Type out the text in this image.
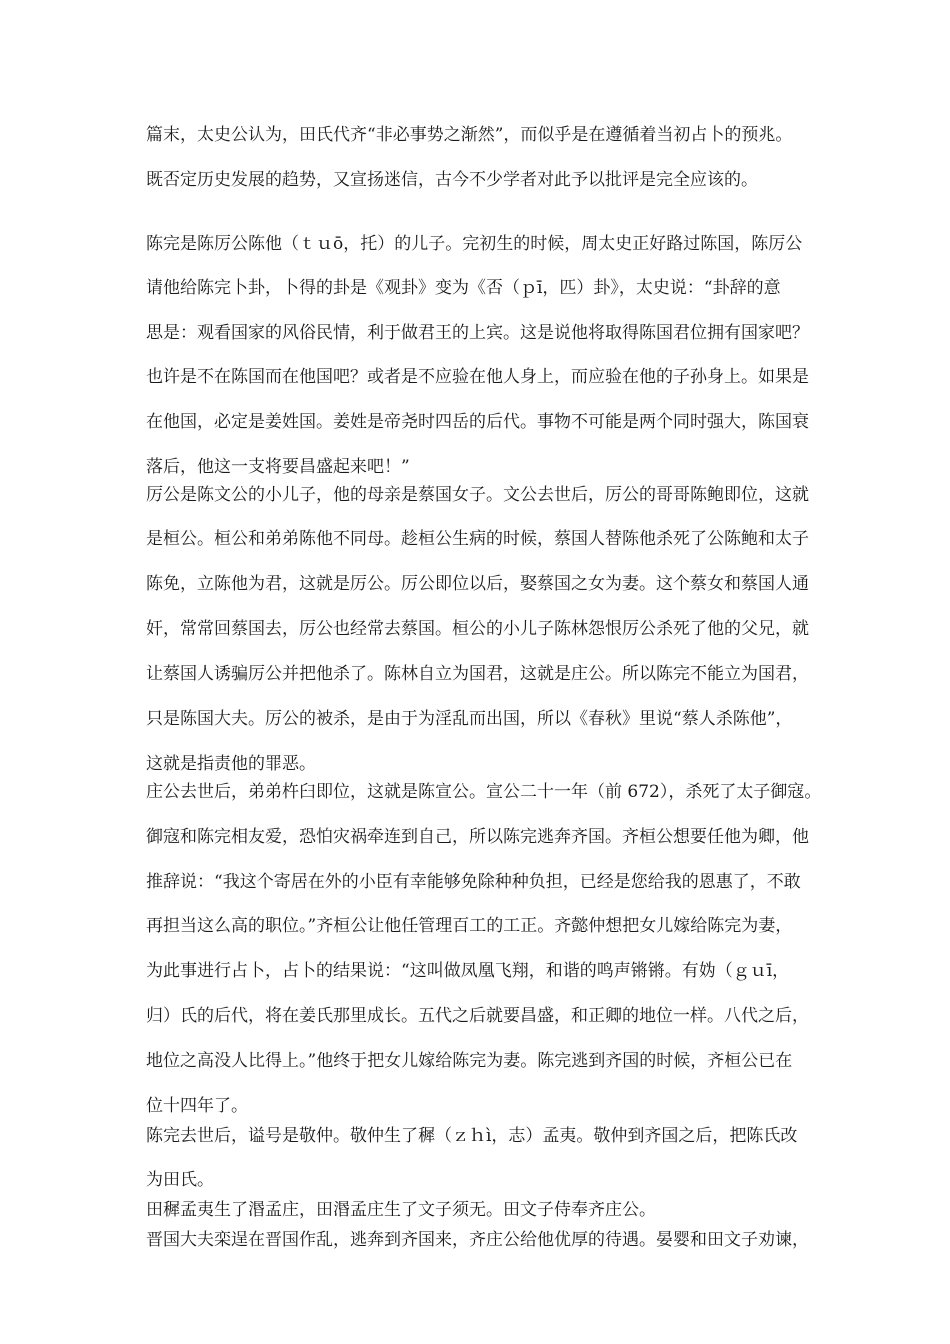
篇末，太史公认为，田氏代齐“非必事势之渐然”，而似乎是在遵循着当初占卜的预兆。
既否定历史发展的趋势，又宣扬迷信，古今不少学者对此予以批评是完全应该的。
陈完是陈厉公陈他（ｔｕō，托）的儿子。完初生的时候，周太史正好路过陈国，陈厉公
请他给陈完卜卦，卜得的卦是《观卦》变为《否（ｐī，匹）卦》，太史说：“卦辞的意
思是：观看国家的风俗民情，利于做君王的上宾。这是说他将取得陈国君位拥有国家吧？
也许是不在陈国而在他国吧？或者是不应验在他人身上，而应验在他的子孙身上。如果是
在他国，必定是姜姓国。姜姓是帝尧时四岳的后代。事物不可能是两个同时强大，陈国衰
落后，他这一支将要昌盛起来吧！”
厉公是陈文公的小儿子，他的母亲是蔡国女子。文公去世后，厉公的哥哥陈鲍即位，这就
是桓公。桓公和弟弟陈他不同母。趁桓公生病的时候，蔡国人替陈他杀死了公陈鲍和太子
陈免，立陈他为君，这就是厉公。厉公即位以后，娶蔡国之女为妻。这个蔡女和蔡国人通
奸，常常回蔡国去，厉公也经常去蔡国。桓公的小儿子陈林怨恨厉公杀死了他的父兄，就
让蔡国人诱骗厉公并把他杀了。陈林自立为国君，这就是庄公。所以陈完不能立为国君，
只是陈国大夫。厉公的被杀，是由于为淫乱而出国，所以《春秋》里说“蔡人杀陈他”，
这就是指责他的罪恶。
庄公去世后，弟弟杵臼即位，这就是陈宣公。宣公二十一年（前 672），杀死了太子御寇。
御寇和陈完相友爱，恐怕灾祸牵连到自己，所以陈完逃奔齐国。齐桓公想要任他为卿，他
推辞说：“我这个寄居在外的小臣有幸能够免除种种负担，已经是您给我的恩惠了，不敢
再担当这么高的职位。”齐桓公让他任管理百工的工正。齐懿仲想把女儿嫁给陈完为妻，
为此事进行占卜，占卜的结果说：“这叫做凤凰飞翔，和谐的鸣声锵锵。有妫（ｇｕī，
归）氏的后代，将在姜氏那里成长。五代之后就要昌盛，和正卿的地位一样。八代之后，
地位之高没人比得上。”他终于把女儿嫁给陈完为妻。陈完逃到齐国的时候，齐桓公已在
位十四年了。
陈完去世后，谥号是敬仲。敬仲生了穉（ｚｈì，志）孟夷。敬仲到齐国之后，把陈氏改
为田氏。
田穉孟夷生了湣孟庄，田湣孟庄生了文子须无。田文子侍奉齐庄公。
晋国大夫栾逞在晋国作乱，逃奔到齐国来，齐庄公给他优厚的待遇。晏婴和田文子劝谏，
